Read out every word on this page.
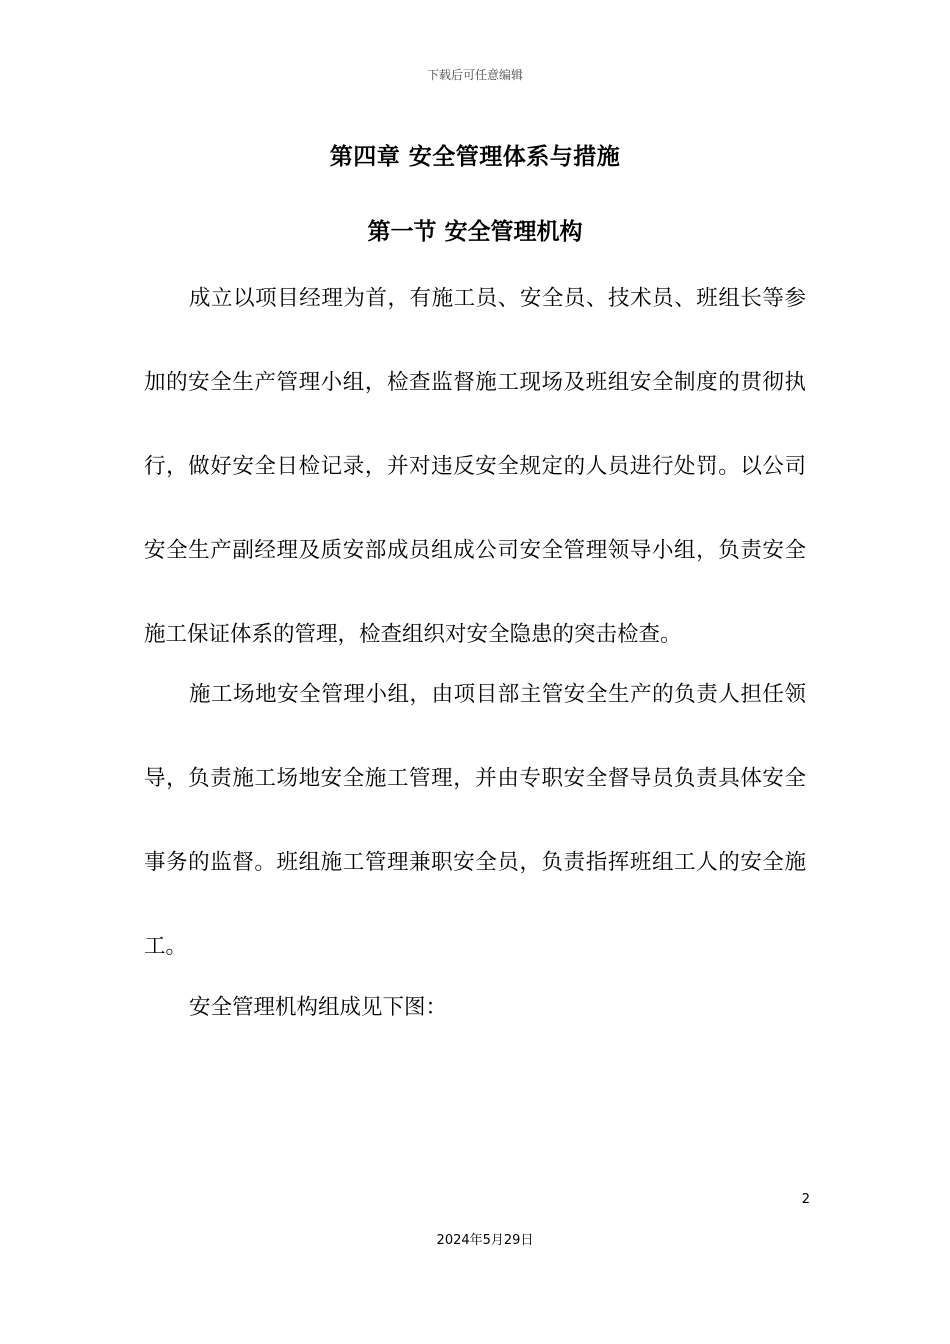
下载后可任意编辑
第四章 安全管理体系与措施
第一节 安全管理机构
成立以项目经理为首，有施工员、安全员、技术员、班组长等参加的安全生产管理小组，检查监督施工现场及班组安全制度的贯彻执行，做好安全日检记录，并对违反安全规定的人员进行处罚。以公司安全生产副经理及质安部成员组成公司安全管理领导小组，负责安全施工保证体系的管理，检查组织对安全隐患的突击检查。
施工场地安全管理小组，由项目部主管安全生产的负责人担任领导，负责施工场地安全施工管理，并由专职安全督导员负责具体安全事务的监督。班组施工管理兼职安全员，负责指挥班组工人的安全施工。
安全管理机构组成见下图：
2
2024年5月29日
